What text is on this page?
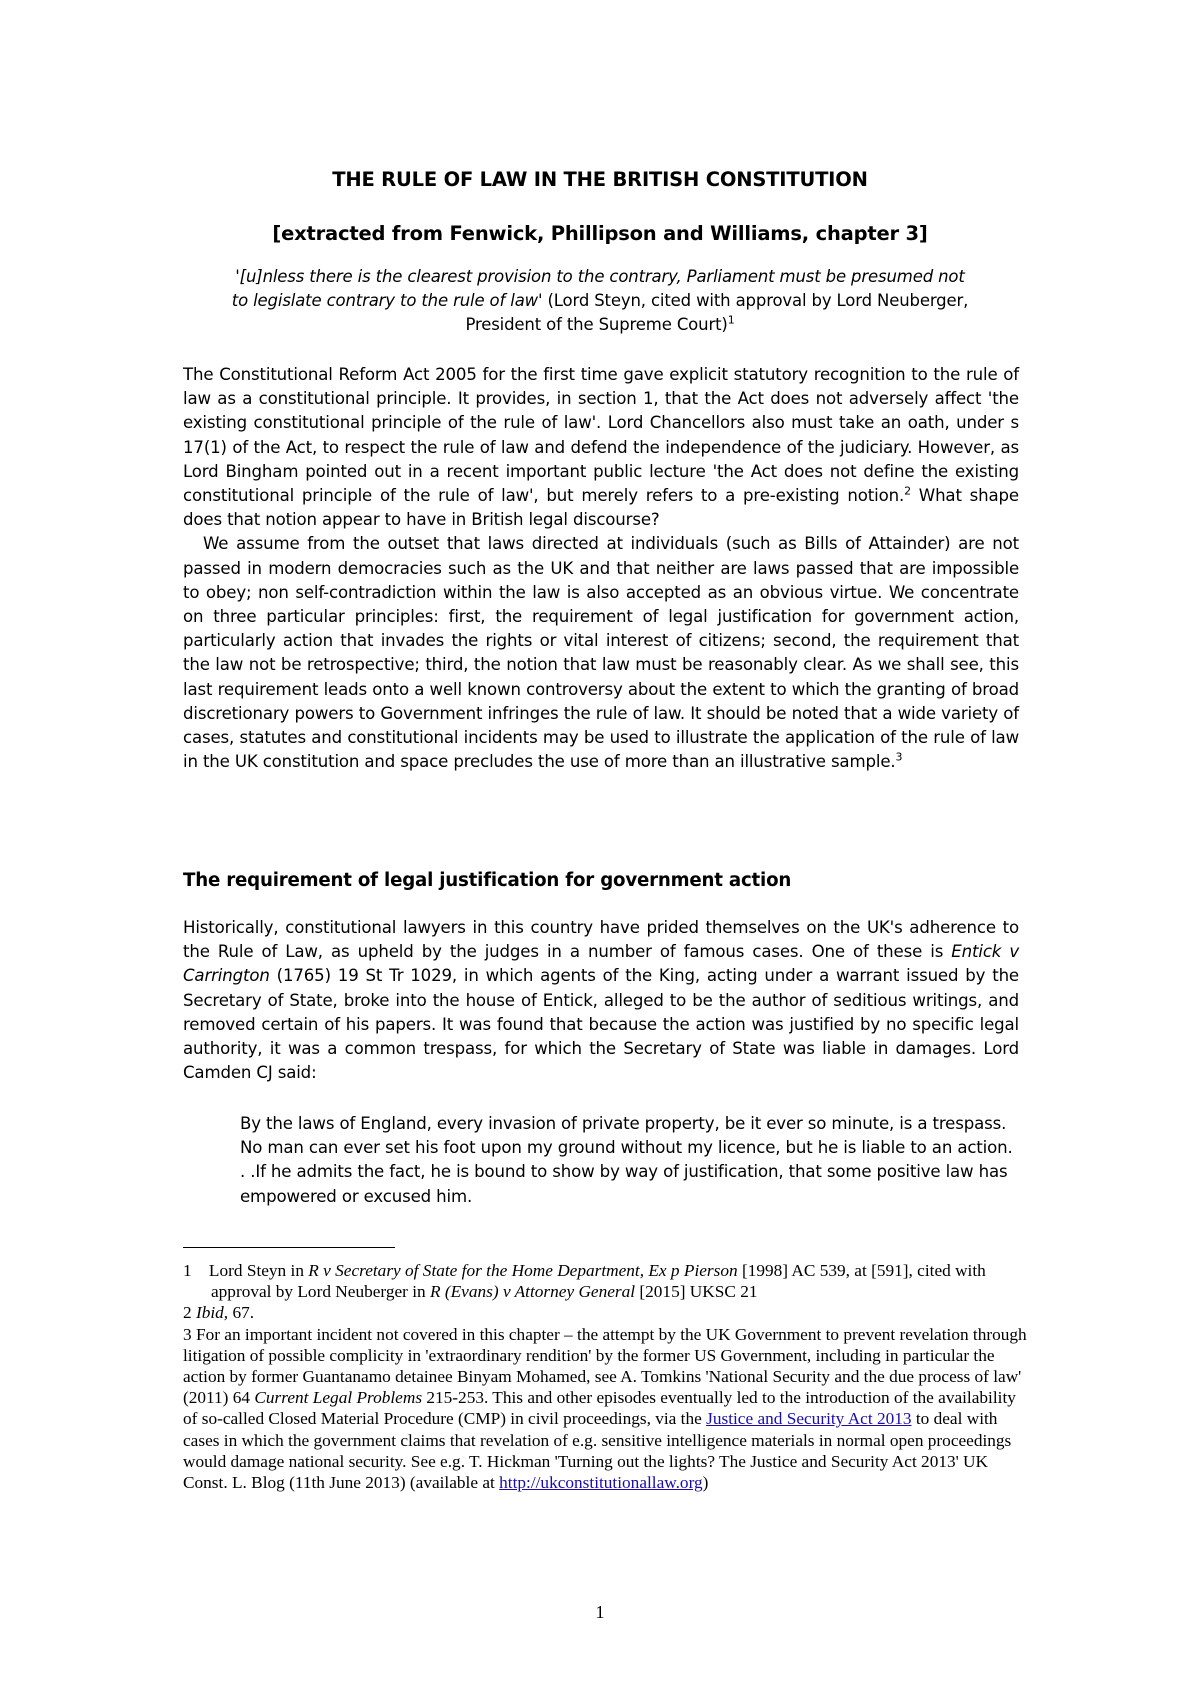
THE RULE OF LAW IN THE BRITISH CONSTITUTION
[extracted from Fenwick, Phillipson and Williams, chapter 3]
'[u]nless there is the clearest provision to the contrary, Parliament must be presumed not to legislate contrary to the rule of law' (Lord Steyn, cited with approval by Lord Neuberger, President of the Supreme Court)$^1$

The Constitutional Reform Act 2005 for the first time gave explicit statutory recognition to the rule of law as a constitutional principle. It provides, in section 1, that the Act does not adversely affect 'the existing constitutional principle of the rule of law'. Lord Chancellors also must take an oath, under s 17(1) of the Act, to respect the rule of law and defend the independence of the judiciary. However, as Lord Bingham pointed out in a recent important public lecture 'the Act does not define the existing constitutional principle of the rule of law', but merely refers to a pre-existing notion.$^2$ What shape does that notion appear to have in British legal discourse?

We assume from the outset that laws directed at individuals (such as Bills of Attainder) are not passed in modern democracies such as the UK and that neither are laws passed that are impossible to obey; non self-contradiction within the law is also accepted as an obvious virtue. We concentrate on three particular principles: first, the requirement of legal justification for government action, particularly action that invades the rights or vital interest of citizens; second, the requirement that the law not be retrospective; third, the notion that law must be reasonably clear. As we shall see, this last requirement leads onto a well known controversy about the extent to which the granting of broad discretionary powers to Government infringes the rule of law. It should be noted that a wide variety of cases, statutes and constitutional incidents may be used to illustrate the application of the rule of law in the UK constitution and space precludes the use of more than an illustrative sample.$^3$

The requirement of legal justification for government action

Historically, constitutional lawyers in this country have prided themselves on the UK's adherence to the Rule of Law, as upheld by the judges in a number of famous cases. One of these is Entick v Carrington (1765) 19 St Tr 1029, in which agents of the King, acting under a warrant issued by the Secretary of State, broke into the house of Entick, alleged to be the author of seditious writings, and removed certain of his papers. It was found that because the action was justified by no specific legal authority, it was a common trespass, for which the Secretary of State was liable in damages. Lord Camden CJ said:

By the laws of England, every invasion of private property, be it ever so minute, is a trespass. No man can ever set his foot upon my ground without my licence, but he is liable to an action. . .If he admits the fact, he is bound to show by way of justification, that some positive law has empowered or excused him.

1 Lord Steyn in R v Secretary of State for the Home Department, Ex p Pierson [1998] AC 539, at [591], cited with approval by Lord Neuberger in R (Evans) v Attorney General [2015] UKSC 21

2 Ibid, 67.

3 For an important incident not covered in this chapter – the attempt by the UK Government to prevent revelation through litigation of possible complicity in 'extraordinary rendition' by the former US Government, including in particular the action by former Guantanamo detainee Binyam Mohamed, see A. Tomkins 'National Security and the due process of law' (2011) 64 Current Legal Problems 215-253. This and other episodes eventually led to the introduction of the availability of so-called Closed Material Procedure (CMP) in civil proceedings, via the Justice and Security Act 2013 to deal with cases in which the government claims that revelation of e.g. sensitive intelligence materials in normal open proceedings would damage national security. See e.g. T. Hickman 'Turning out the lights? The Justice and Security Act 2013' UK Const. L. Blog (11th June 2013) (available at http://ukconstitutionallaw.org)

1
